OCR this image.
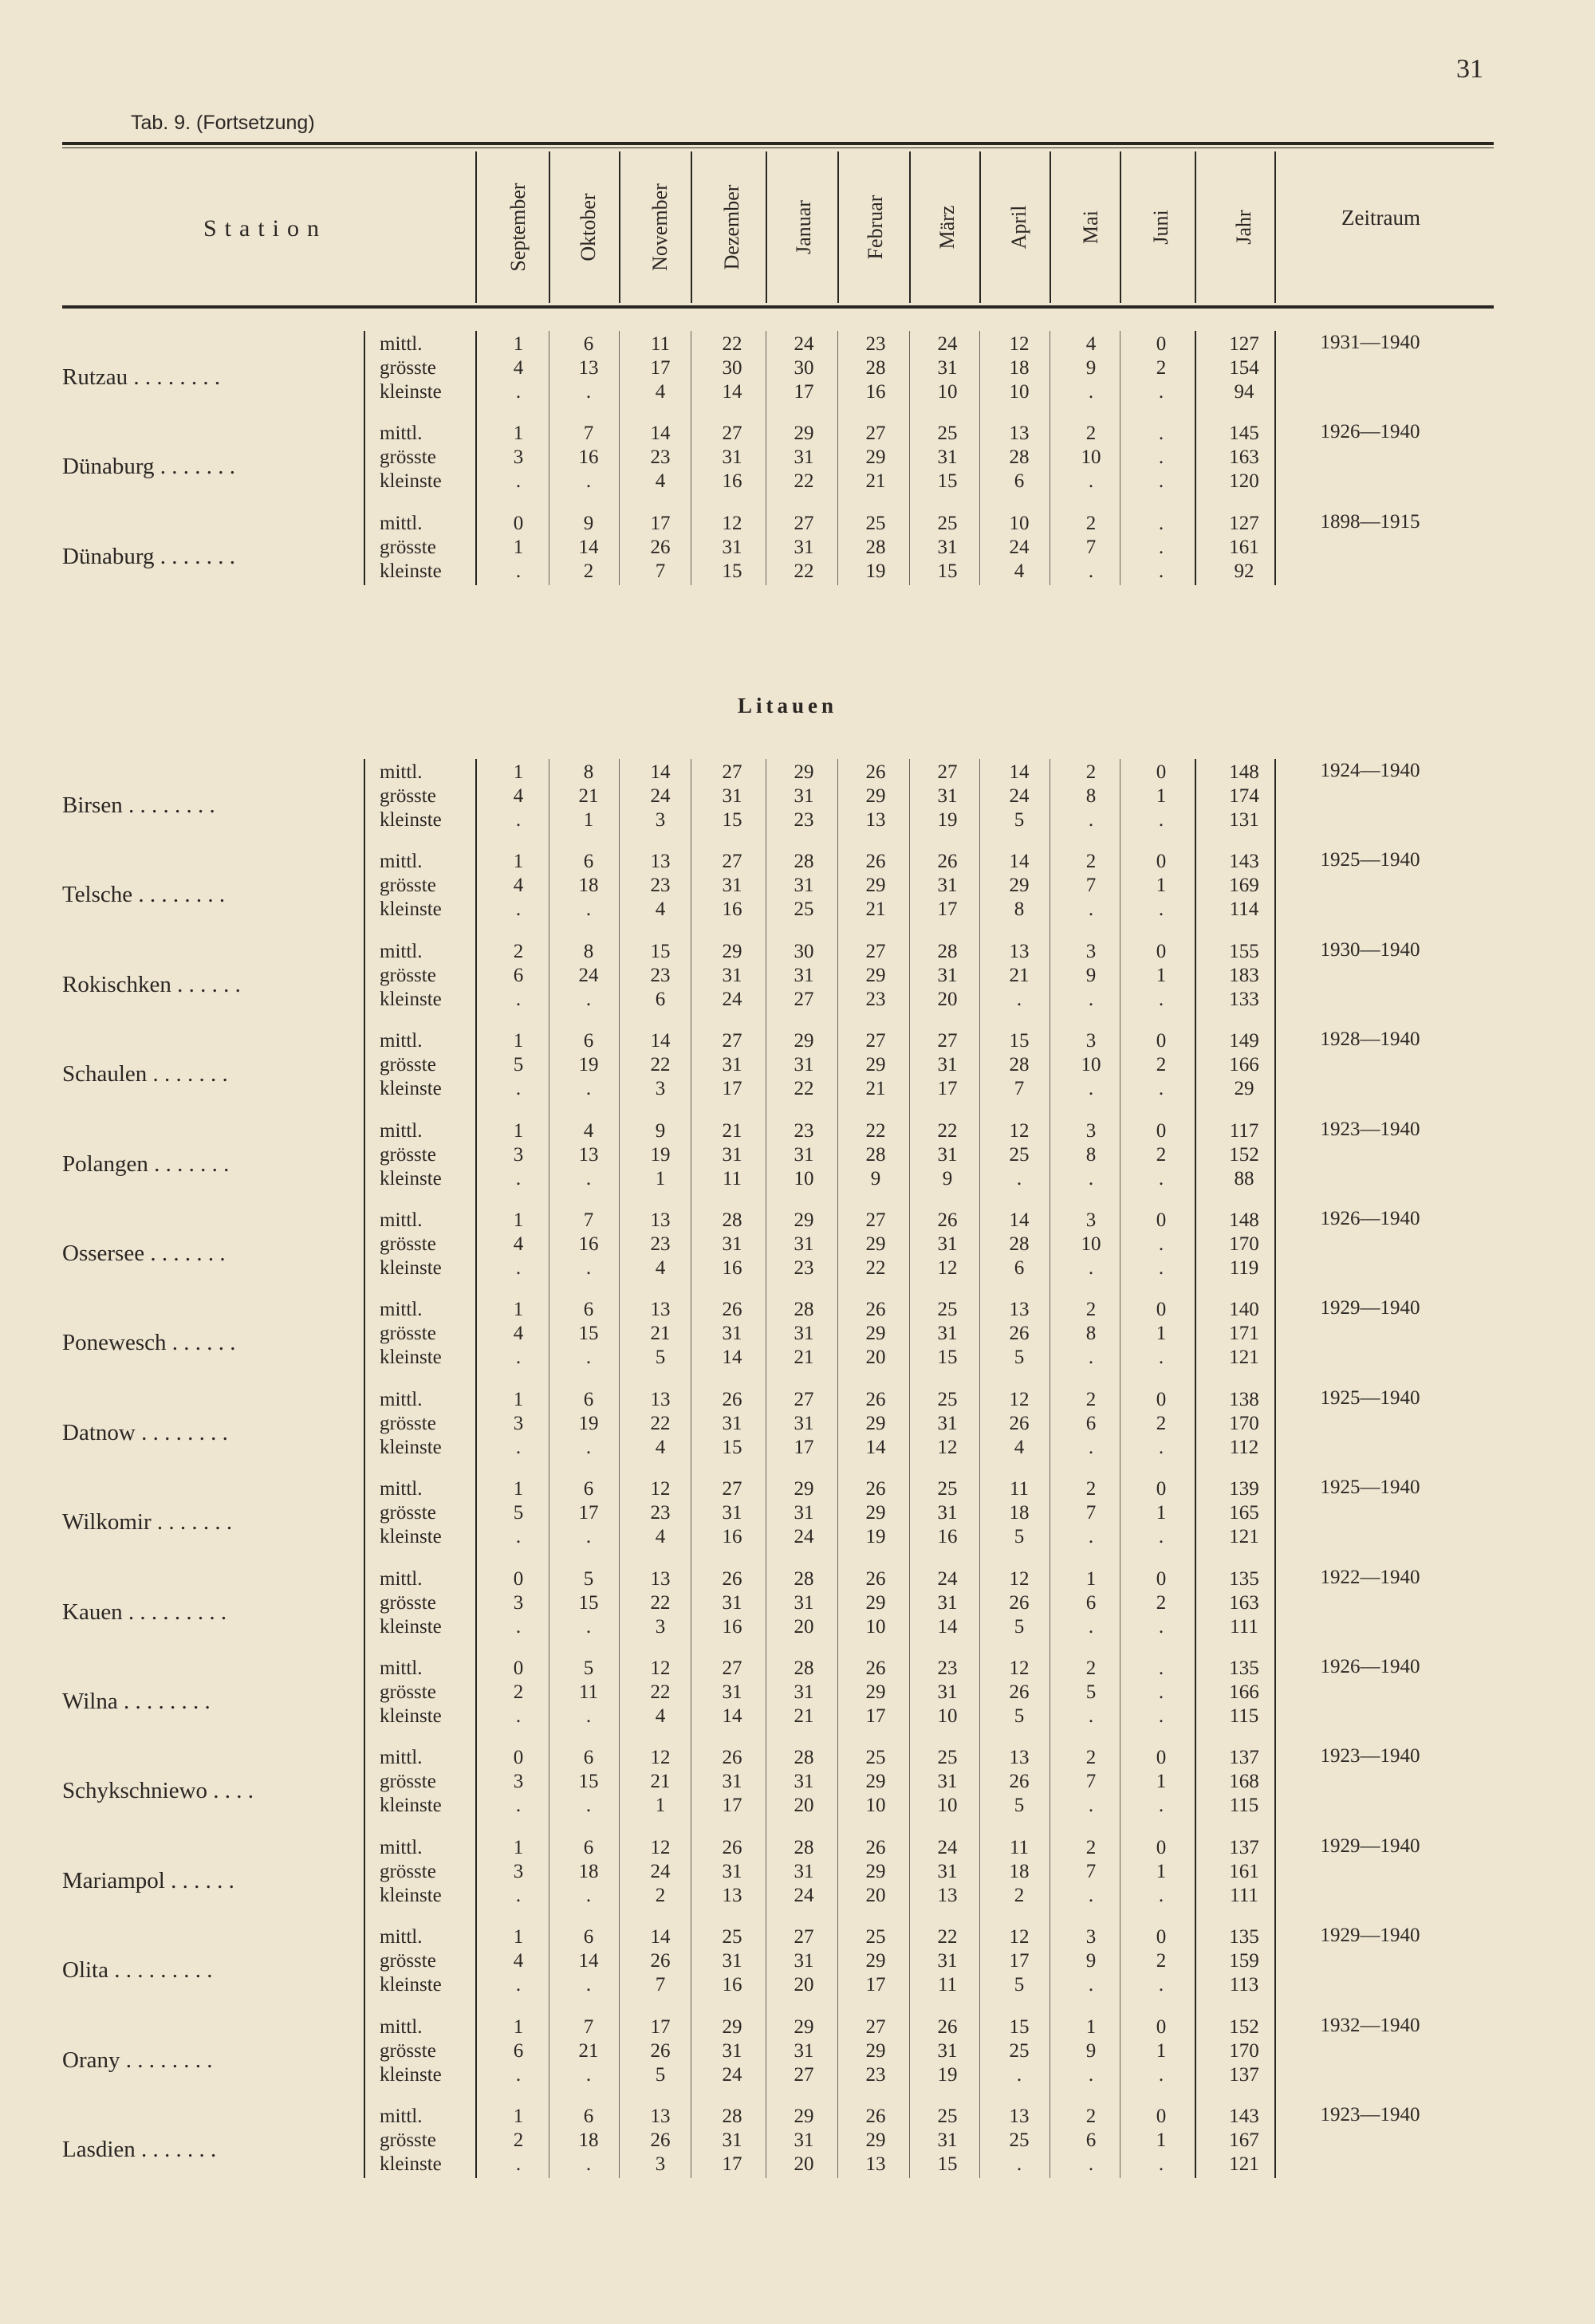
31
Tab. 9. (Fortsetzung)
Station	Zeitraum
September Oktober November Dezember Januar Februar März April Mai Juni	Jahr
Rutzau . . . . . . . .
1931—1940
mittl.	1	6	11	22	24	23	24	12	4	0	127
grösste	4	13	17	30	30	28	31	18	9	2	154
kleinste	.	.	4	14	17	16	10	10	.	.	94
Dünaburg . . . . . . .
1926—1940
mittl.	1	7	14	27	29	27	25	13	2	.	145
grösste	3	16	23	31	31	29	31	28	10	.	163
kleinste	.	.	4	16	22	21	15	6	.	.	120
Dünaburg . . . . . . .
1898—1915
mittl.	0	9	17	12	27	25	25	10	2	.	127
grösste	1	14	26	31	31	28	31	24	7	.	161
kleinste	.	2	7	15	22	19	15	4	.	.	92
Litauen
Birsen . . . . . . . .
1924—1940
mittl.	1	8	14	27	29	26	27	14	2	0	148
grösste	4	21	24	31	31	29	31	24	8	1	174
kleinste	.	1	3	15	23	13	19	5	.	.	131
Telsche . . . . . . . .
1925—1940
mittl.	1	6	13	27	28	26	26	14	2	0	143
grösste	4	18	23	31	31	29	31	29	7	1	169
kleinste	.	.	4	16	25	21	17	8	.	.	114
Rokischken . . . . . .
1930—1940
mittl.	2	8	15	29	30	27	28	13	3	0	155
grösste	6	24	23	31	31	29	31	21	9	1	183
kleinste	.	.	6	24	27	23	20	.	.	.	133
Schaulen . . . . . . .
1928—1940
mittl.	1	6	14	27	29	27	27	15	3	0	149
grösste	5	19	22	31	31	29	31	28	10	2	166
kleinste	.	.	3	17	22	21	17	7	.	.	29
Polangen . . . . . . .
1923—1940
mittl.	1	4	9	21	23	22	22	12	3	0	117
grösste	3	13	19	31	31	28	31	25	8	2	152
kleinste	.	.	1	11	10	9	9	.	.	.	88
Ossersee . . . . . . .
1926—1940
mittl.	1	7	13	28	29	27	26	14	3	0	148
grösste	4	16	23	31	31	29	31	28	10	.	170
kleinste	.	.	4	16	23	22	12	6	.	.	119
Ponewesch . . . . . .
1929—1940
mittl.	1	6	13	26	28	26	25	13	2	0	140
grösste	4	15	21	31	31	29	31	26	8	1	171
kleinste	.	.	5	14	21	20	15	5	.	.	121
Datnow . . . . . . . .
1925—1940
mittl.	1	6	13	26	27	26	25	12	2	0	138
grösste	3	19	22	31	31	29	31	26	6	2	170
kleinste	.	.	4	15	17	14	12	4	.	.	112
Wilkomir . . . . . . .
1925—1940
mittl.	1	6	12	27	29	26	25	11	2	0	139
grösste	5	17	23	31	31	29	31	18	7	1	165
kleinste	.	.	4	16	24	19	16	5	.	.	121
Kauen . . . . . . . . .
1922—1940
mittl.	0	5	13	26	28	26	24	12	1	0	135
grösste	3	15	22	31	31	29	31	26	6	2	163
kleinste	.	.	3	16	20	10	14	5	.	.	111
Wilna . . . . . . . .
1926—1940
mittl.	0	5	12	27	28	26	23	12	2	.	135
grösste	2	11	22	31	31	29	31	26	5	.	166
kleinste	.	.	4	14	21	17	10	5	.	.	115
Schykschniewo . . . .
1923—1940
mittl.	0	6	12	26	28	25	25	13	2	0	137
grösste	3	15	21	31	31	29	31	26	7	1	168
kleinste	.	.	1	17	20	10	10	5	.	.	115
Mariampol . . . . . .
1929—1940
mittl.	1	6	12	26	28	26	24	11	2	0	137
grösste	3	18	24	31	31	29	31	18	7	1	161
kleinste	.	.	2	13	24	20	13	2	.	.	111
Olita . . . . . . . . .
1929—1940
mittl.	1	6	14	25	27	25	22	12	3	0	135
grösste	4	14	26	31	31	29	31	17	9	2	159
kleinste	.	.	7	16	20	17	11	5	.	.	113
Orany . . . . . . . .
1932—1940
mittl.	1	7	17	29	29	27	26	15	1	0	152
grösste	6	21	26	31	31	29	31	25	9	1	170
kleinste	.	.	5	24	27	23	19	.	.	.	137
Lasdien . . . . . . .
1923—1940
mittl.	1	6	13	28	29	26	25	13	2	0	143
grösste	2	18	26	31	31	29	31	25	6	1	167
kleinste	.	.	3	17	20	13	15	.	.	.	121
